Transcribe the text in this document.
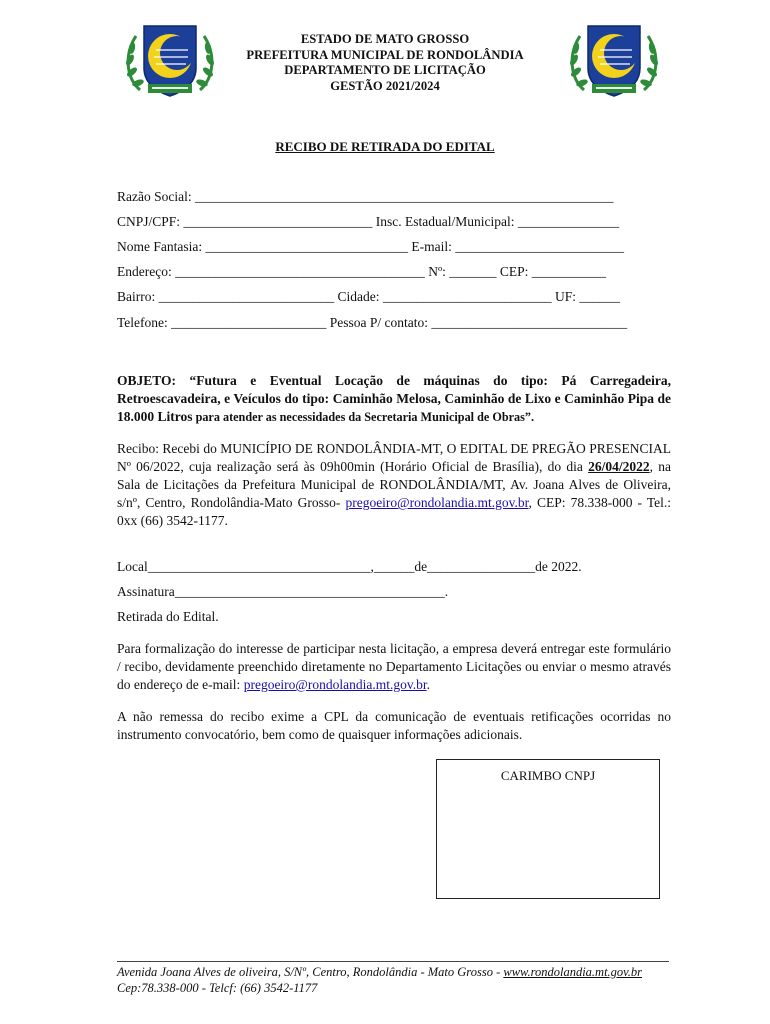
ESTADO DE MATO GROSSO
PREFEITURA MUNICIPAL DE RONDOLÂNDIA
DEPARTAMENTO DE LICITAÇÃO
GESTÃO 2021/2024
RECIBO DE RETIRADA DO EDITAL
Razão Social: ______________________________________________________________
CNPJ/CPF: ____________________________ Insc. Estadual/Municipal: _______________
Nome Fantasia: ______________________________ E-mail: _________________________
Endereço: _____________________________________ Nº: _______ CEP: ___________
Bairro: __________________________ Cidade: _________________________ UF: ______
Telefone: _______________________ Pessoa P/ contato: _____________________________
OBJETO: “Futura e Eventual Locação de máquinas do tipo: Pá Carregadeira, Retroescavadeira, e Veículos do tipo: Caminhão Melosa, Caminhão de Lixo e Caminhão Pipa de 18.000 Litros para atender as necessidades da Secretaria Municipal de Obras”.
Recibo: Recebi do MUNICÍPIO DE RONDOLÂNDIA-MT, O EDITAL DE PREGÃO PRESENCIAL Nº 06/2022, cuja realização será às 09h00min (Horário Oficial de Brasília), do dia 26/04/2022, na Sala de Licitações da Prefeitura Municipal de RONDOLÂNDIA/MT, Av. Joana Alves de Oliveira, s/nº, Centro, Rondolândia-Mato Grosso- pregoeiro@rondolandia.mt.gov.br, CEP: 78.338-000 - Tel.: 0xx (66) 3542-1177.
Local_________________________________,______de________________de 2022.
Assinatura________________________________________.
Retirada do Edital.
Para formalização do interesse de participar nesta licitação, a empresa deverá entregar este formulário / recibo, devidamente preenchido diretamente no Departamento Licitações ou enviar o mesmo através do endereço de e-mail: pregoeiro@rondolandia.mt.gov.br.
A não remessa do recibo exime a CPL da comunicação de eventuais retificações ocorridas no instrumento convocatório, bem como de quaisquer informações adicionais.
CARIMBO CNPJ
Avenida Joana Alves de oliveira, S/Nº, Centro, Rondolândia - Mato Grosso - www.rondolandia.mt.gov.br
Cep:78.338-000 - Telcf: (66) 3542-1177
